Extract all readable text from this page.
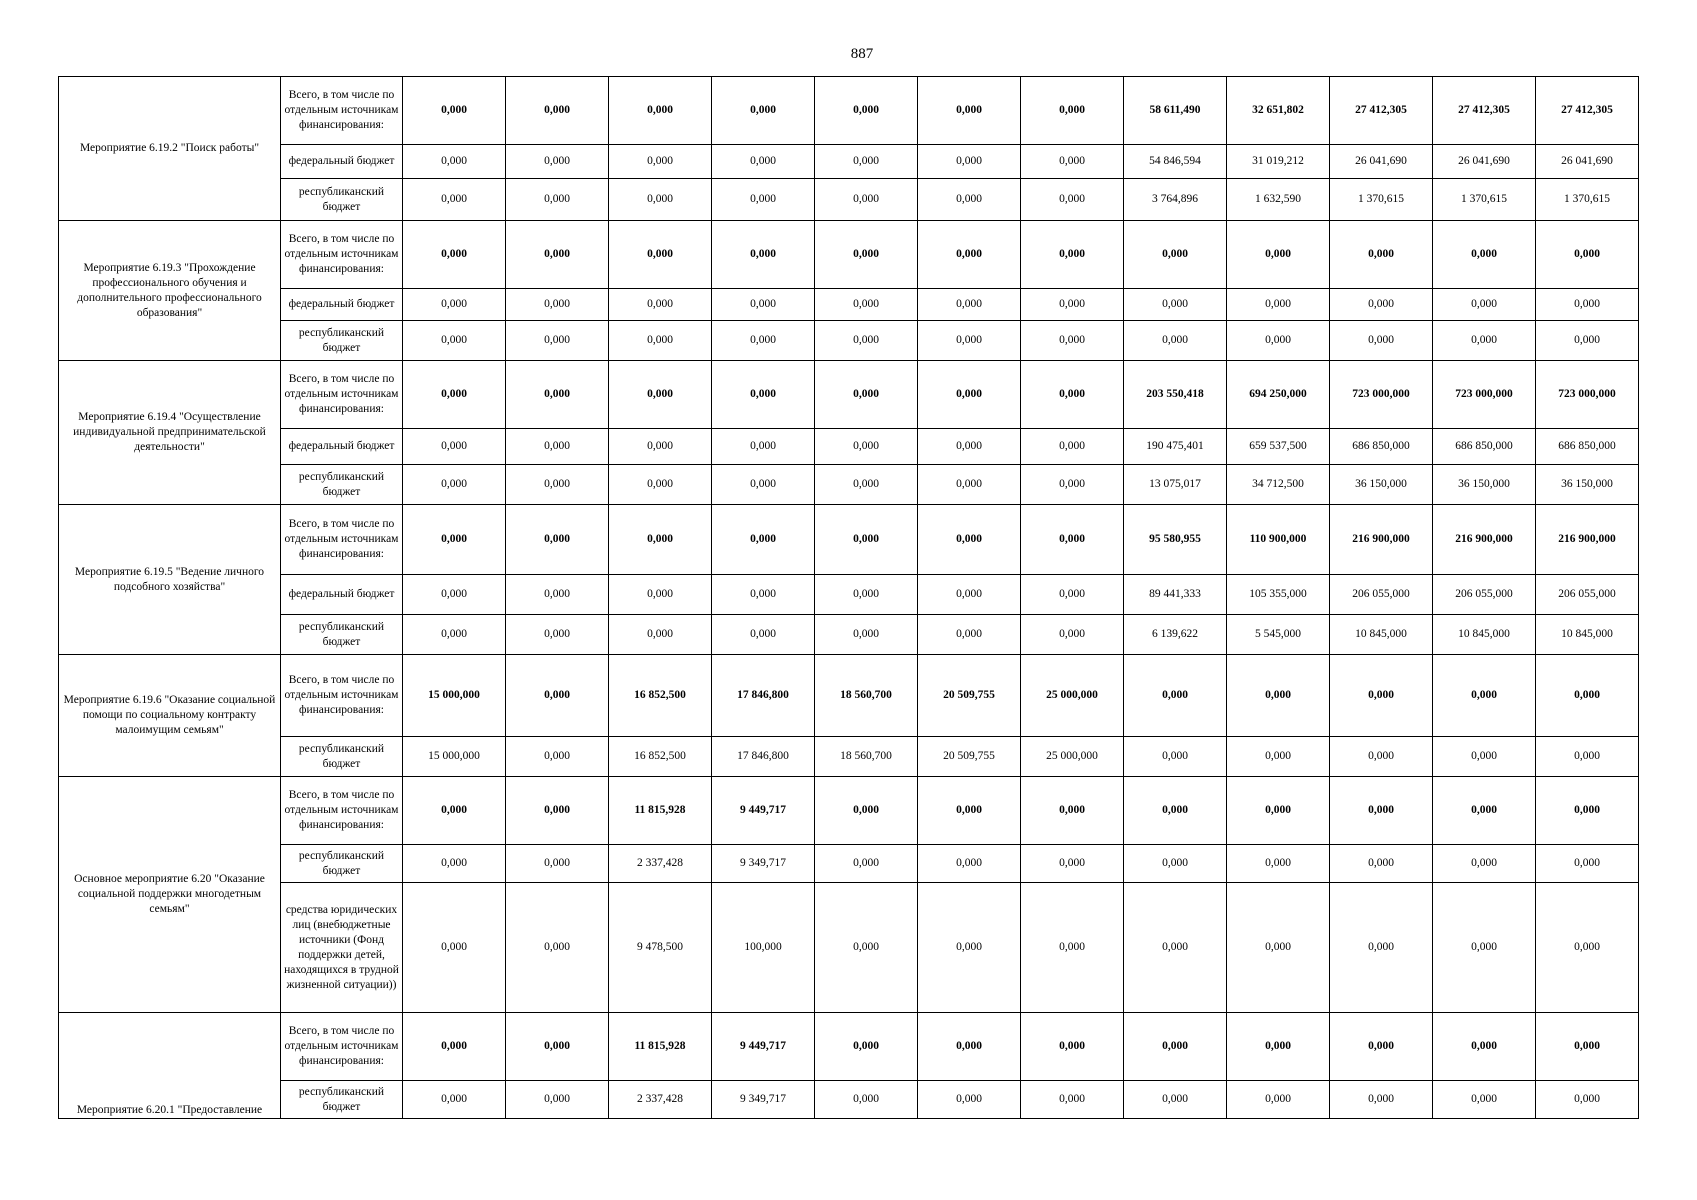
887
Мероприятие 6.19.2 "Поиск работы"	Всего, в том числе по отдельным источникам финансирования:	0,000	0,000	0,000	0,000	0,000	0,000	0,000	58 611,490	32 651,802	27 412,305	27 412,305	27 412,305
	федеральный бюджет	0,000	0,000	0,000	0,000	0,000	0,000	0,000	54 846,594	31 019,212	26 041,690	26 041,690	26 041,690
	республиканский бюджет	0,000	0,000	0,000	0,000	0,000	0,000	0,000	3 764,896	1 632,590	1 370,615	1 370,615	1 370,615
Мероприятие 6.19.3 "Прохождение профессионального обучения и дополнительного профессионального образования"	Всего, в том числе по отдельным источникам финансирования:	0,000	0,000	0,000	0,000	0,000	0,000	0,000	0,000	0,000	0,000	0,000	0,000
	федеральный бюджет	0,000	0,000	0,000	0,000	0,000	0,000	0,000	0,000	0,000	0,000	0,000	0,000
	республиканский бюджет	0,000	0,000	0,000	0,000	0,000	0,000	0,000	0,000	0,000	0,000	0,000	0,000
Мероприятие 6.19.4 "Осуществление индивидуальной предпринимательской деятельности"	Всего, в том числе по отдельным источникам финансирования:	0,000	0,000	0,000	0,000	0,000	0,000	0,000	203 550,418	694 250,000	723 000,000	723 000,000	723 000,000
	федеральный бюджет	0,000	0,000	0,000	0,000	0,000	0,000	0,000	190 475,401	659 537,500	686 850,000	686 850,000	686 850,000
	республиканский бюджет	0,000	0,000	0,000	0,000	0,000	0,000	0,000	13 075,017	34 712,500	36 150,000	36 150,000	36 150,000
Мероприятие 6.19.5 "Ведение личного подсобного хозяйства"	Всего, в том числе по отдельным источникам финансирования:	0,000	0,000	0,000	0,000	0,000	0,000	0,000	95 580,955	110 900,000	216 900,000	216 900,000	216 900,000
	федеральный бюджет	0,000	0,000	0,000	0,000	0,000	0,000	0,000	89 441,333	105 355,000	206 055,000	206 055,000	206 055,000
	республиканский бюджет	0,000	0,000	0,000	0,000	0,000	0,000	0,000	6 139,622	5 545,000	10 845,000	10 845,000	10 845,000
Мероприятие 6.19.6 "Оказание социальной помощи по социальному контракту малоимущим семьям"	Всего, в том числе по отдельным источникам финансирования:	15 000,000	0,000	16 852,500	17 846,800	18 560,700	20 509,755	25 000,000	0,000	0,000	0,000	0,000	0,000
	республиканский бюджет	15 000,000	0,000	16 852,500	17 846,800	18 560,700	20 509,755	25 000,000	0,000	0,000	0,000	0,000	0,000
Основное мероприятие 6.20 "Оказание социальной поддержки многодетным семьям"	Всего, в том числе по отдельным источникам финансирования:	0,000	0,000	11 815,928	9 449,717	0,000	0,000	0,000	0,000	0,000	0,000	0,000	0,000
	республиканский бюджет	0,000	0,000	2 337,428	9 349,717	0,000	0,000	0,000	0,000	0,000	0,000	0,000	0,000
	средства юридических лиц (внебюджетные источники (Фонд поддержки детей, находящихся в трудной жизненной ситуации))	0,000	0,000	9 478,500	100,000	0,000	0,000	0,000	0,000	0,000	0,000	0,000	0,000
Мероприятие 6.20.1 "Предоставление	Всего, в том числе по отдельным источникам финансирования:	0,000	0,000	11 815,928	9 449,717	0,000	0,000	0,000	0,000	0,000	0,000	0,000	0,000
	республиканский бюджет	0,000	0,000	2 337,428	9 349,717	0,000	0,000	0,000	0,000	0,000	0,000	0,000	0,000
